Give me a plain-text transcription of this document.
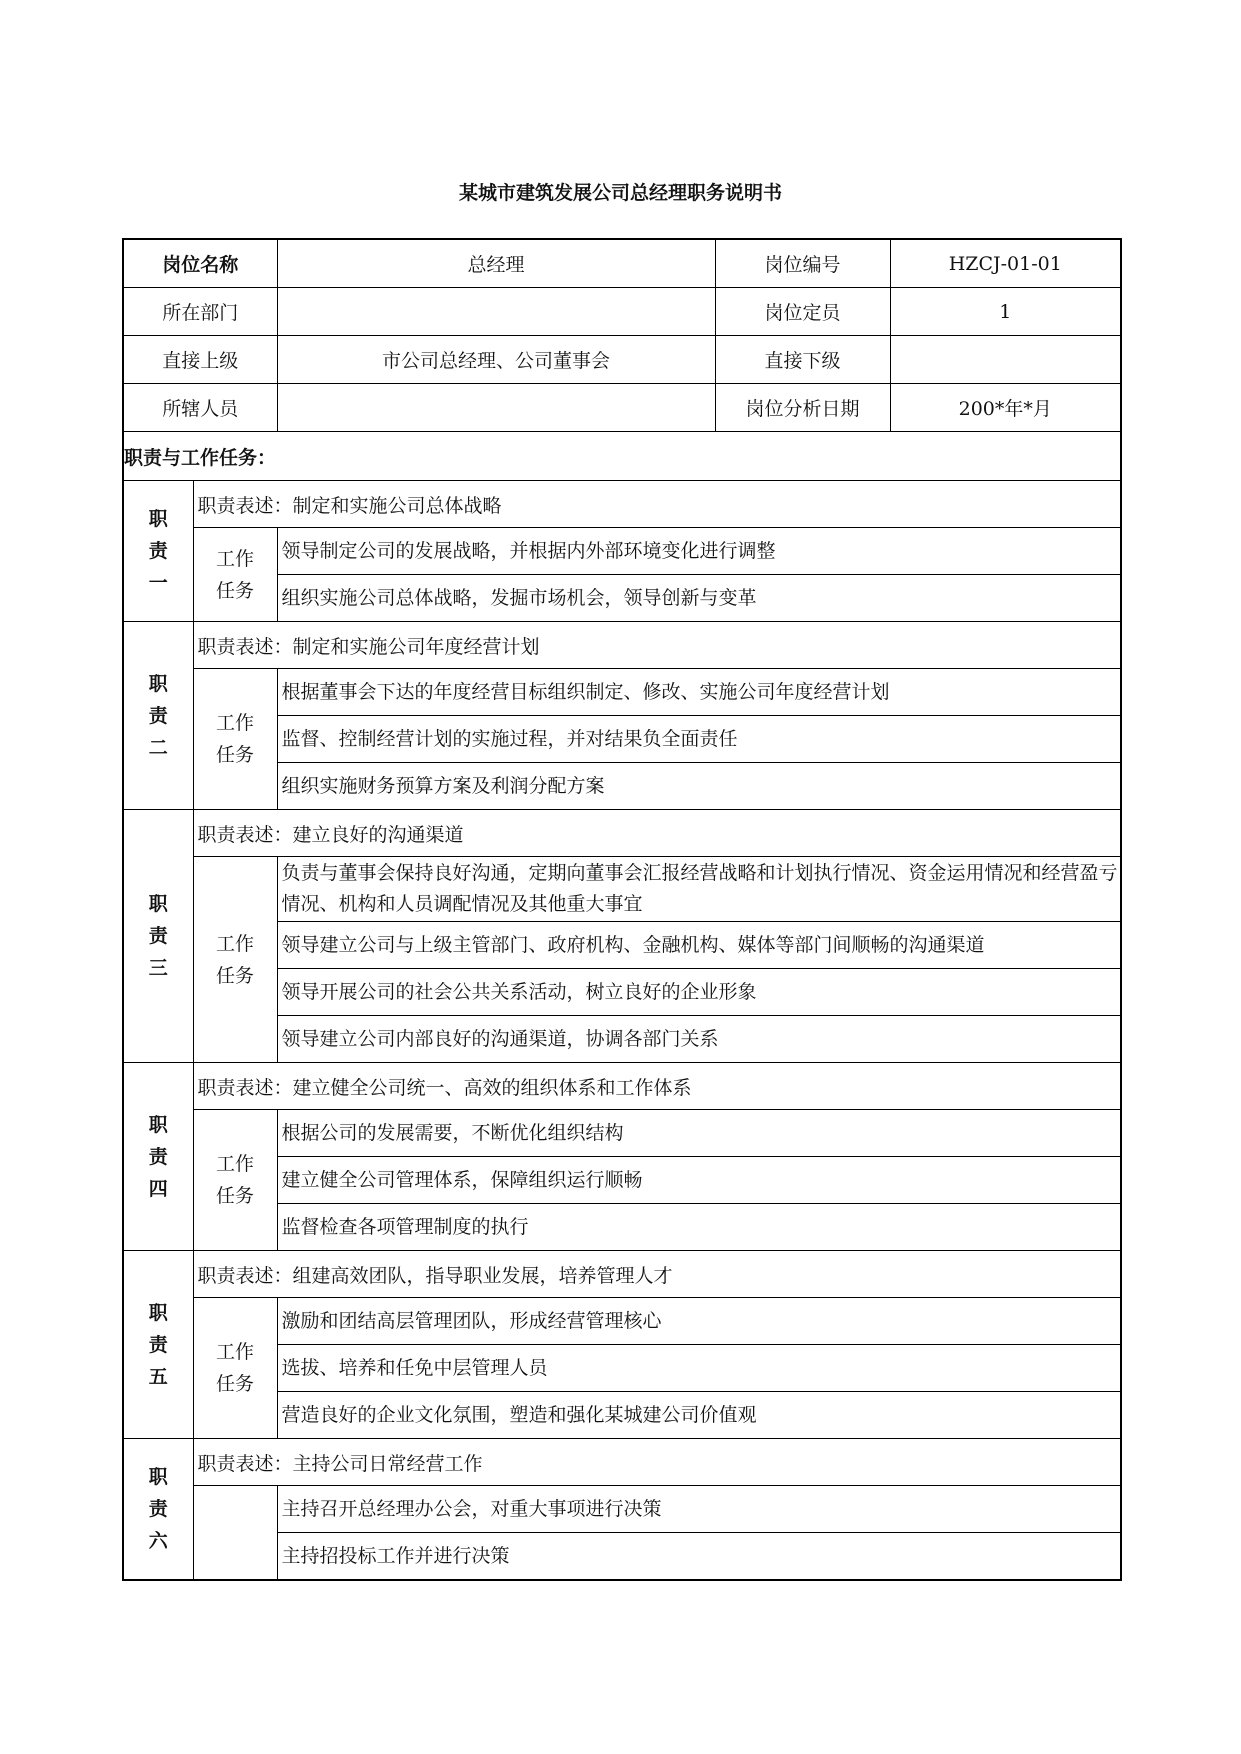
某城市建筑发展公司总经理职务说明书
岗位名称		总经理	岗位编号	HZCJ-01-01
所在部门			岗位定员	1
直接上级		市公司总经理、公司董事会	直接下级	
所辖人员			岗位分析日期	200*年*月
职责与工作任务：				

职
责
一	职责表述：制定和实施公司总体战略			

	工作
任务	领导制定公司的发展战略，并根据内外部环境变化进行调整		
		组织实施公司总体战略，发掘市场机会，领导创新与变革		

职
责
二	职责表述：制定和实施公司年度经营计划			

	工作
任务	根据董事会下达的年度经营目标组织制定、修改、实施公司年度经营计划		
		监督、控制经营计划的实施过程，并对结果负全面责任		
		组织实施财务预算方案及利润分配方案		

职
责
三	职责表述：建立良好的沟通渠道			

	工作
任务	负责与董事会保持良好沟通，定期向董事会汇报经营战略和计划执行情况、资金运用情况和经营盈亏情况、机构和人员调配情况及其他重大事宜		
		领导建立公司与上级主管部门、政府机构、金融机构、媒体等部门间顺畅的沟通渠道		
		领导开展公司的社会公共关系活动，树立良好的企业形象		
		领导建立公司内部良好的沟通渠道，协调各部门关系		

职
责
四	职责表述：建立健全公司统一、高效的组织体系和工作体系			

	工作
任务	根据公司的发展需要，不断优化组织结构		
		建立健全公司管理体系，保障组织运行顺畅		
		监督检查各项管理制度的执行		

职
责
五	职责表述：组建高效团队，指导职业发展，培养管理人才			

	工作
任务	激励和团结高层管理团队，形成经营管理核心		
		选拔、培养和任免中层管理人员		
		营造良好的企业文化氛围，塑造和强化某城建公司价值观		

职
责
六	职责表述：主持公司日常经营工作			
		主持召开总经理办公会，对重大事项进行决策		
		主持招投标工作并进行决策		
